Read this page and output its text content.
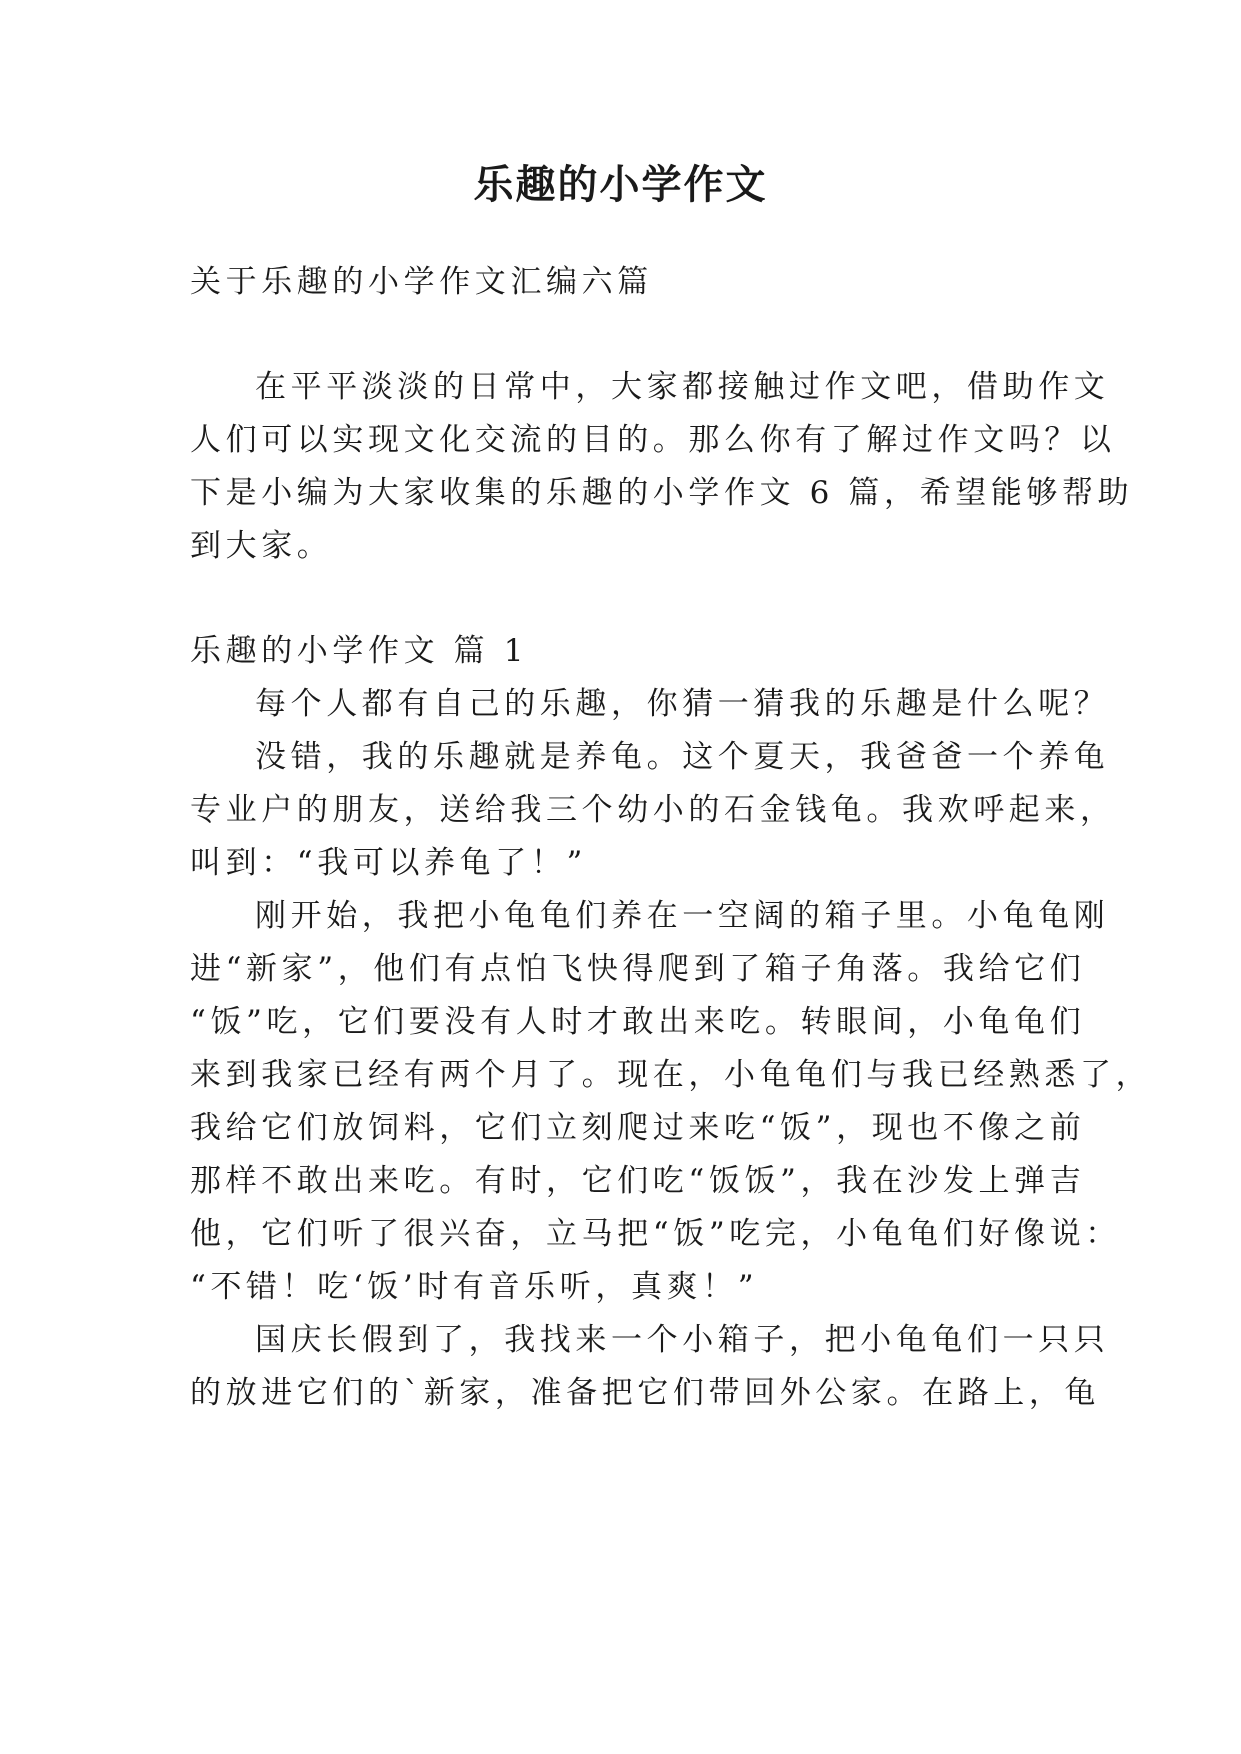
乐趣的小学作文
关于乐趣的小学作文汇编六篇
在平平淡淡的日常中，大家都接触过作文吧，借助作文
人们可以实现文化交流的目的。那么你有了解过作文吗？以
下是小编为大家收集的乐趣的小学作文 6 篇，希望能够帮助
到大家。
乐趣的小学作文 篇 1
每个人都有自己的乐趣，你猜一猜我的乐趣是什么呢？
没错，我的乐趣就是养龟。这个夏天，我爸爸一个养龟
专业户的朋友，送给我三个幼小的石金钱龟。我欢呼起来，
叫到：“我可以养龟了！”
刚开始，我把小龟龟们养在一空阔的箱子里。小龟龟刚
进“新家”，他们有点怕飞快得爬到了箱子角落。我给它们
“饭”吃，它们要没有人时才敢出来吃。转眼间，小龟龟们
来到我家已经有两个月了。现在，小龟龟们与我已经熟悉了，
我给它们放饲料，它们立刻爬过来吃“饭”，现也不像之前
那样不敢出来吃。有时，它们吃“饭饭”，我在沙发上弹吉
他，它们听了很兴奋，立马把“饭”吃完，小龟龟们好像说：
“不错！吃‘饭’时有音乐听，真爽！”
国庆长假到了，我找来一个小箱子，把小龟龟们一只只
的放进它们的`新家，准备把它们带回外公家。在路上，龟
